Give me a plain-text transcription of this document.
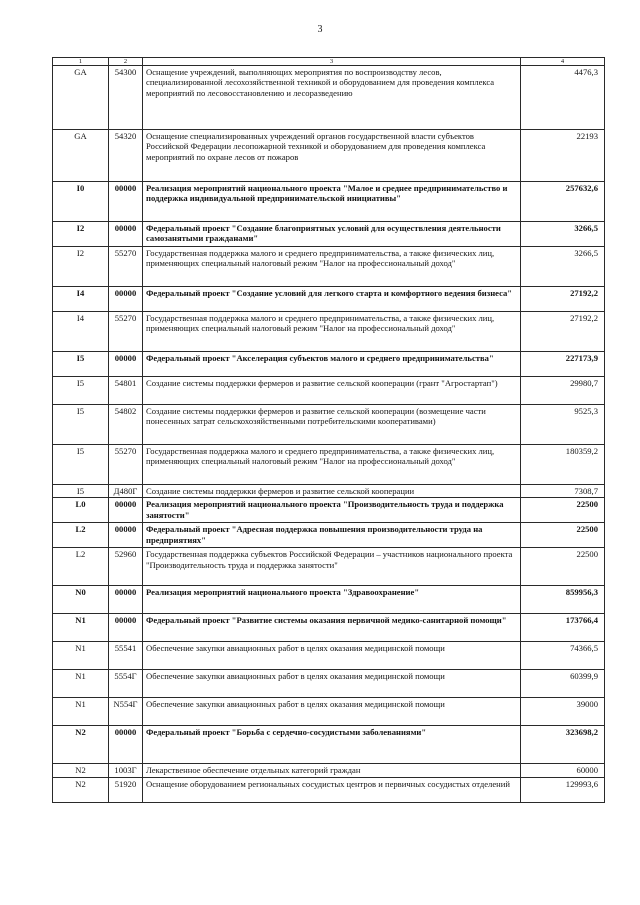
3
1	2	3	4
GA	54300	Оснащение учреждений, выполняющих мероприятия по воспроизводству лесов, специализированной лесохозяйственной техникой и оборудованием для проведения комплекса мероприятий по лесовосстановлению и лесоразведению	4476,3
GA	54320	Оснащение специализированных учреждений органов государственной власти субъектов Российской Федерации лесопожарной техникой и оборудованием для проведения комплекса мероприятий по охране лесов от пожаров	22193
I0	00000	Реализация мероприятий национального проекта "Малое и среднее предпринимательство и поддержка индивидуальной предпринимательской инициативы"	257632,6
I2	00000	Федеральный проект "Создание благоприятных условий для осуществления деятельности самозанятыми гражданами"	3266,5
I2	55270	Государственная поддержка малого и среднего предпринимательства, а также физических лиц, применяющих специальный налоговый режим "Налог на профессиональный доход"	3266,5
I4	00000	Федеральный проект "Создание условий для легкого старта и комфортного ведения бизнеса"	27192,2
I4	55270	Государственная поддержка малого и среднего предпринимательства, а также физических лиц, применяющих специальный налоговый режим "Налог на профессиональный доход"	27192,2
I5	00000	Федеральный проект "Акселерация субъектов малого и среднего предпринимательства"	227173,9
I5	54801	Создание системы поддержки фермеров и развитие сельской кооперации (грант "Агростартап")	29980,7
I5	54802	Создание системы поддержки фермеров и развитие сельской кооперации (возмещение части понесенных затрат сельскохозяйственными потребительскими кооперативами)	9525,3
I5	55270	Государственная поддержка малого и среднего предпринимательства, а также физических лиц, применяющих специальный налоговый режим "Налог на профессиональный доход"	180359,2
I5	Д480Г	Создание системы поддержки фермеров и развитие сельской кооперации	7308,7
L0	00000	Реализация мероприятий национального проекта "Производительность труда и поддержка занятости"	22500
L2	00000	Федеральный проект "Адресная поддержка повышения производительности труда на предприятиях"	22500
L2	52960	Государственная поддержка субъектов Российской Федерации – участников национального проекта "Производительность труда и поддержка занятости"	22500
N0	00000	Реализация мероприятий национального проекта "Здравоохранение"	859956,3
N1	00000	Федеральный проект "Развитие системы оказания первичной медико-санитарной помощи"	173766,4
N1	55541	Обеспечение закупки авиационных работ в целях оказания медицинской помощи	74366,5
N1	5554Г	Обеспечение закупки авиационных работ в целях оказания медицинской помощи	60399,9
N1	N554Г	Обеспечение закупки авиационных работ в целях оказания медицинской помощи	39000
N2	00000	Федеральный проект "Борьба с сердечно-сосудистыми заболеваниями"	323698,2
N2	1003Г	Лекарственное обеспечение отдельных категорий граждан	60000
N2	51920	Оснащение оборудованием региональных сосудистых центров и первичных сосудистых отделений	129993,6
